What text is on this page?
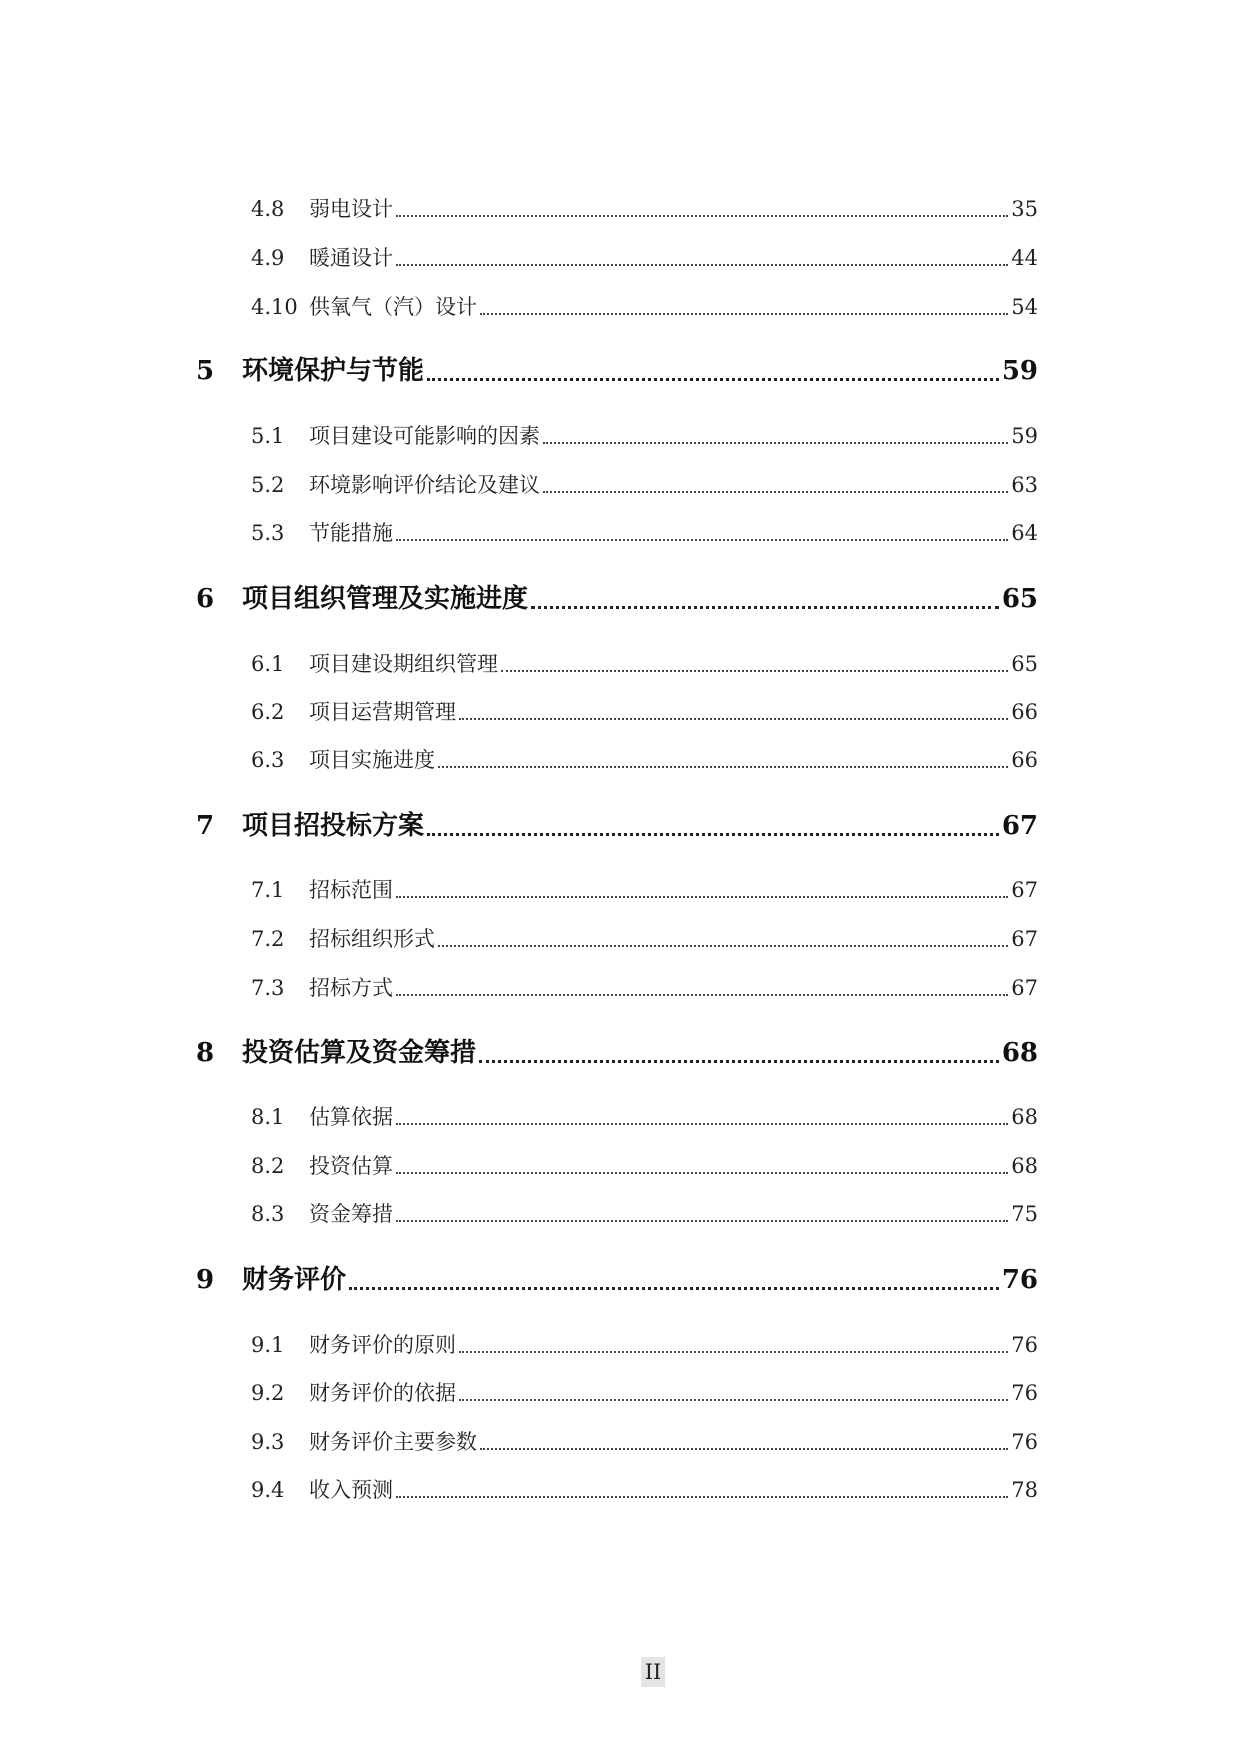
4.8	弱电设计	35
4.9	暖通设计	44
4.10 供氧气（汽）设计	54
5	环境保护与节能	59
5.1	项目建设可能影响的因素	59
5.2	环境影响评价结论及建议	63
5.3	节能措施	64
6	项目组织管理及实施进度	65
6.1	项目建设期组织管理	65
6.2	项目运营期管理	66
6.3	项目实施进度	66
7	项目招投标方案	67
7.1	招标范围	67
7.2	招标组织形式	67
7.3	招标方式	67
8	投资估算及资金筹措	68
8.1	估算依据	68
8.2	投资估算	68
8.3	资金筹措	75
9	财务评价	76
9.1	财务评价的原则	76
9.2	财务评价的依据	76
9.3	财务评价主要参数	76
9.4	收入预测	78
II
